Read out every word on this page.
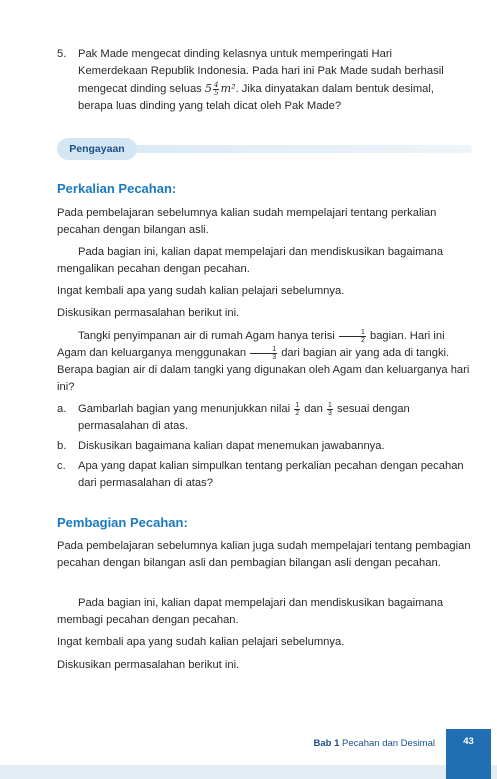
5.	Pak Made mengecat dinding kelasnya untuk memperingati Hari
Kemerdekaan Republik Indonesia. Pada hari ini Pak Made sudah berhasil
mengecat dinding seluas $5 \frac{4}{5} m^2$. Jika dinyatakan dalam bentuk desimal,
berapa luas dinding yang telah dicat oleh Pak Made?

Pengayaan
Perkalian Pecahan:

Pada pembelajaran sebelumnya kalian sudah mempelajari tentang perkalian pecahan dengan bilangan asli.

Pada bagian ini, kalian dapat mempelajari dan mendiskusikan bagaimana mengalikan pecahan dengan pecahan.

Ingat kembali apa yang sudah kalian pelajari sebelumnya.

Diskusikan permasalahan berikut ini.

Tangki penyimpanan air di rumah Agam hanya terisi $\frac{1}{2}$ bagian. Hari ini Agam dan keluarganya menggunakan $\frac{1}{3}$ dari bagian air yang ada di tangki. Berapa bagian air di dalam tangki yang digunakan oleh Agam dan keluarganya hari ini?

a.	Gambarlah bagian yang menunjukkan nilai $\frac{1}{2}$ dan $\frac{1}{3}$ sesuai dengan permasalahan di atas.

b.	Diskusikan bagaimana kalian dapat menemukan jawabannya.

c.	Apa yang dapat kalian simpulkan tentang perkalian pecahan dengan pecahan dari permasalahan di atas?

Pembagian Pecahan:

Pada pembelajaran sebelumnya kalian juga sudah mempelajari tentang pembagian pecahan dengan bilangan asli dan pembagian bilangan asli dengan pecahan.

Pada bagian ini, kalian dapat mempelajari dan mendiskusikan bagaimana membagi pecahan dengan pecahan.

Ingat kembali apa yang sudah kalian pelajari sebelumnya.

Diskusikan permasalahan berikut ini.

Bab 1 Pecahan dan Desimal	43
